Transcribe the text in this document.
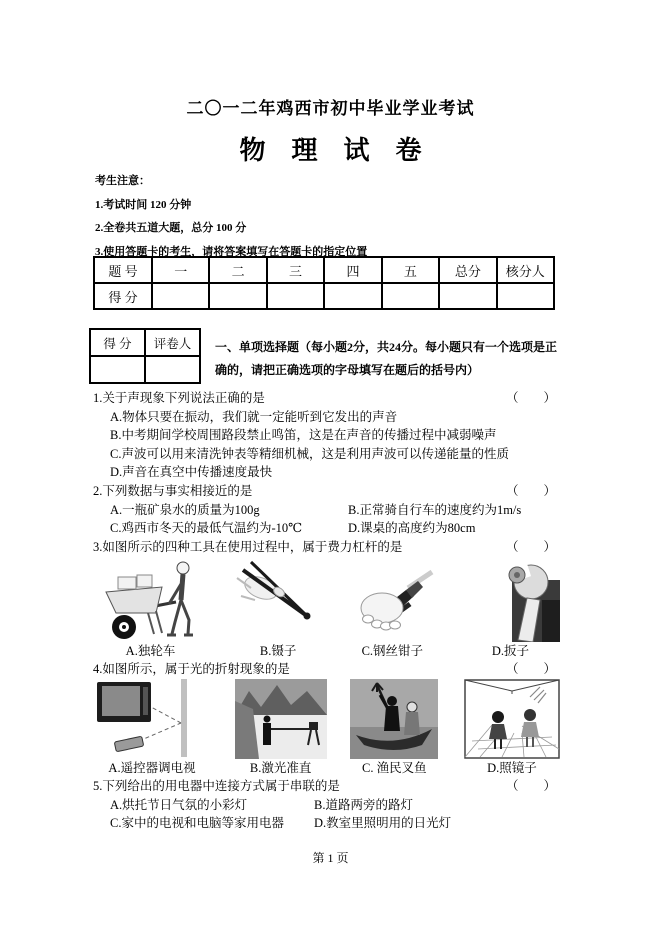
二〇一二年鸡西市初中毕业学业考试
物　理　试　卷
考生注意：
1.考试时间 120 分钟
2.全卷共五道大题，总分 100 分
3.使用答题卡的考生，请将答案填写在答题卡的指定位置
题 号	一	二	三	四	五	总分	核分人
得 分							
得 分	评卷人
	一、单项选择题（每小题2分，共24分。每小题只有一个选项是正确的，请把正确选项的字母填写在题后的括号内）
1.关于声现象下列说法正确的是	（　　）
A.物体只要在振动，我们就一定能听到它发出的声音
B.中考期间学校周围路段禁止鸣笛，这是在声音的传播过程中减弱噪声
C.声波可以用来清洗钟表等精细机械，这是利用声波可以传递能量的性质
D.声音在真空中传播速度最快
2.下列数据与事实相接近的是	（　　）
A.一瓶矿泉水的质量为100g	B.正常骑自行车的速度约为1m/s
C.鸡西市冬天的最低气温约为-10℃	D.课桌的高度约为80cm
3.如图所示的四种工具在使用过程中，属于费力杠杆的是	（　　）
A.独轮车	B.镊子	C.钢丝钳子	D.扳子
4.如图所示，属于光的折射现象的是	（　　）
A.遥控器调电视	B.激光准直	C. 渔民叉鱼	D.照镜子
5.下列给出的用电器中连接方式属于串联的是	（　　）
A.烘托节日气氛的小彩灯	B.道路两旁的路灯
C.家中的电视和电脑等家用电器	D.教室里照明用的日光灯
第 1 页
